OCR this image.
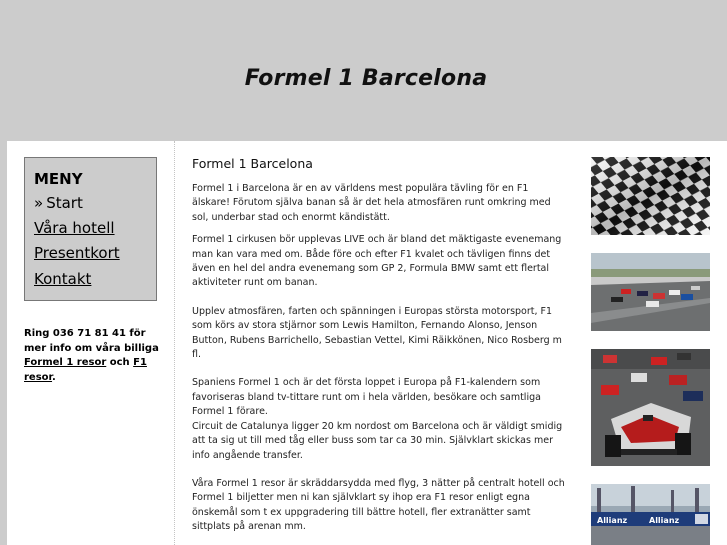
Formel 1 Barcelona
MENY
» Start
Våra hotell
Presentkort
Kontakt
Ring 036 71 81 41 för mer info om våra billiga Formel 1 resor och F1 resor.
Formel 1 Barcelona

Formel 1 i Barcelona är en av världens mest populära tävling för en F1 älskare! Förutom själva banan så är det hela atmosfären runt omkring med sol, underbar stad och enormt kändistätt.

Formel 1 cirkusen bör upplevas LIVE och är bland det mäktigaste evenemang man kan vara med om. Både före och efter F1 kvalet och tävligen finns det även en hel del andra evenemang som GP 2, Formula BMW samt ett flertal aktiviteter runt om banan.

Upplev atmosfären, farten och spänningen i Europas största motorsport, F1 som körs av stora stjärnor som Lewis Hamilton, Fernando Alonso, Jenson Button, Rubens Barrichello, Sebastian Vettel, Kimi Räikkönen, Nico Rosberg m fl.

Spaniens Formel 1 och är det första loppet i Europa på F1-kalendern som favoriseras bland tv-tittare runt om i hela världen, besökare och samtliga Formel 1 förare.

Circuit de Catalunya ligger 20 km nordost om Barcelona och är väldigt smidig att ta sig ut till med tåg eller buss som tar ca 30 min. Självklart skickas mer info angående transfer.

Våra Formel 1 resor är skräddarsydda med flyg, 3 nätter på centralt hotell och Formel 1 biljetter men ni kan självklart sy ihop era F1 resor enligt egna önskemål som t ex uppgradering till bättre hotell, fler extranätter samt sittplats på arenan mm.

Allianz	Allianz
